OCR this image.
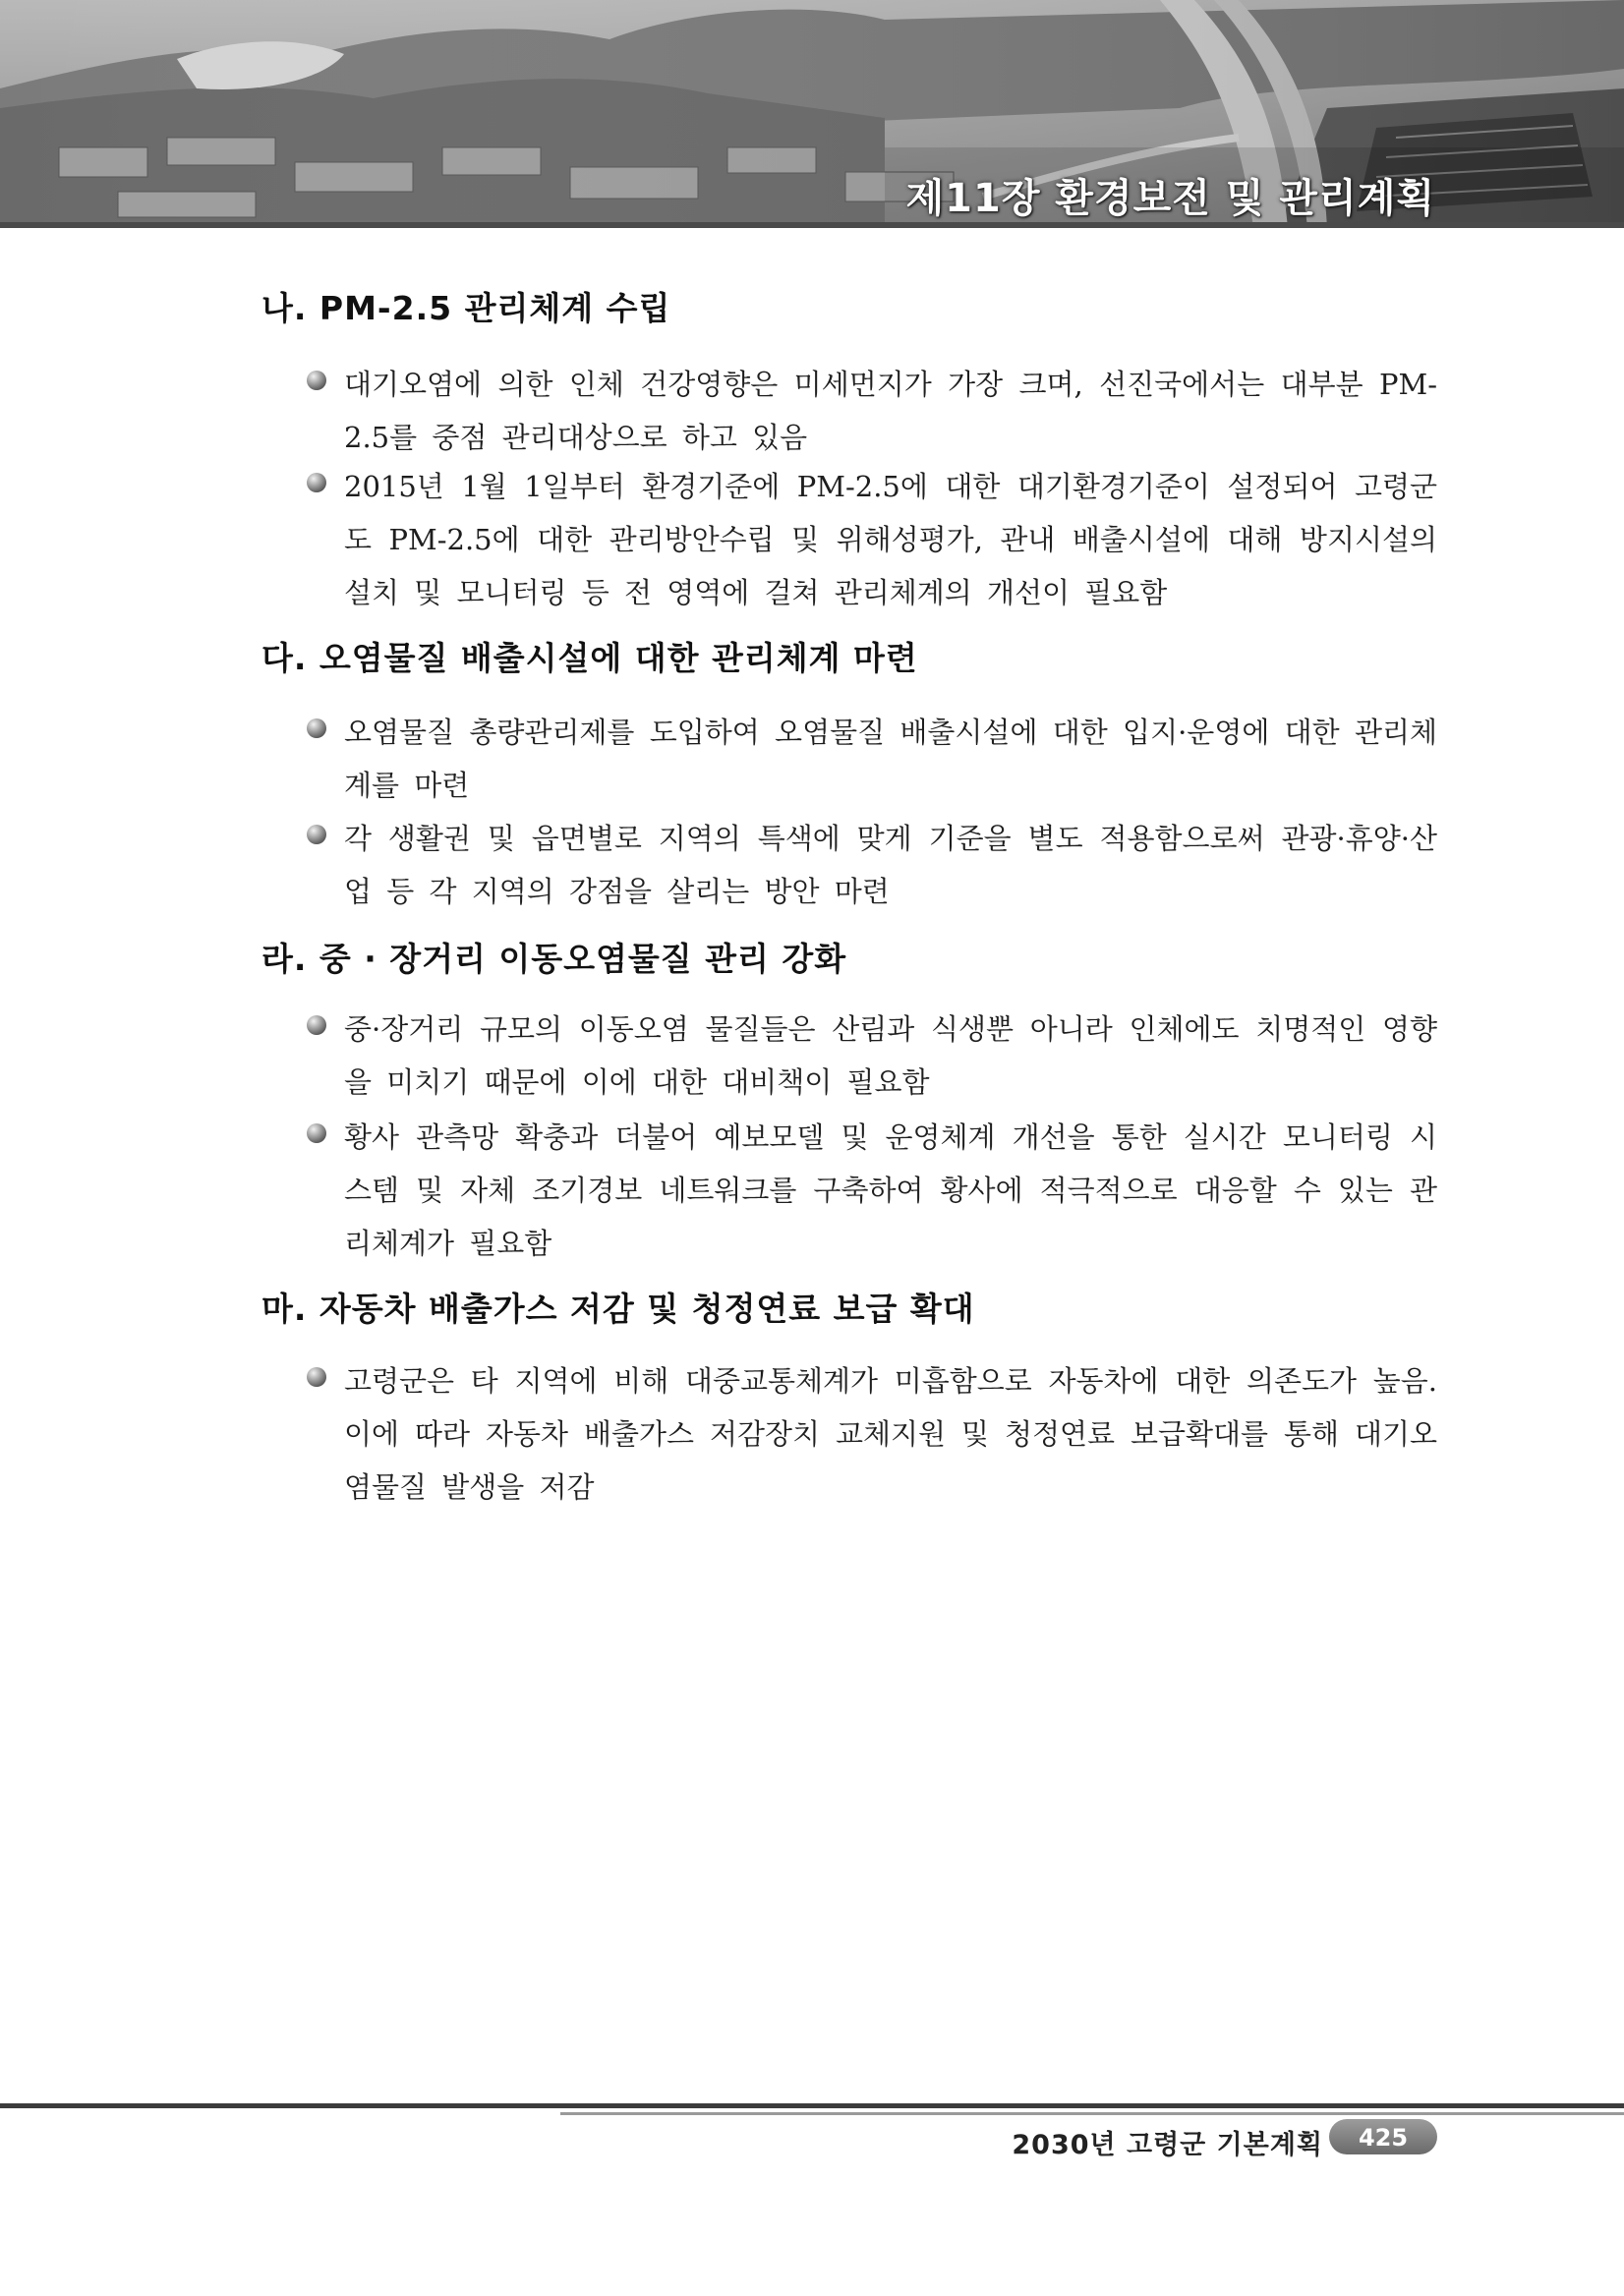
제11장 환경보전 및 관리계획
나. PM-2.5 관리체계 수립
대기오염에 의한 인체 건강영향은 미세먼지가 가장 크며, 선진국에서는 대부분 PM-2.5를 중점 관리대상으로 하고 있음
2015년 1월 1일부터 환경기준에 PM-2.5에 대한 대기환경기준이 설정되어 고령군도 PM-2.5에 대한 관리방안수립 및 위해성평가, 관내 배출시설에 대해 방지시설의 설치 및 모니터링 등 전 영역에 걸쳐 관리체계의 개선이 필요함
다. 오염물질 배출시설에 대한 관리체계 마련
오염물질 총량관리제를 도입하여 오염물질 배출시설에 대한 입지·운영에 대한 관리체계를 마련
각 생활권 및 읍면별로 지역의 특색에 맞게 기준을 별도 적용함으로써 관광·휴양·산업 등 각 지역의 강점을 살리는 방안 마련
라. 중 · 장거리 이동오염물질 관리 강화
중·장거리 규모의 이동오염 물질들은 산림과 식생뿐 아니라 인체에도 치명적인 영향을 미치기 때문에 이에 대한 대비책이 필요함
황사 관측망 확충과 더불어 예보모델 및 운영체계 개선을 통한 실시간 모니터링 시스템 및 자체 조기경보 네트워크를 구축하여 황사에 적극적으로 대응할 수 있는 관리체계가 필요함
마. 자동차 배출가스 저감 및 청정연료 보급 확대
고령군은 타 지역에 비해 대중교통체계가 미흡함으로 자동차에 대한 의존도가 높음. 이에 따라 자동차 배출가스 저감장치 교체지원 및 청정연료 보급확대를 통해 대기오염물질 발생을 저감
2030년 고령군 기본계획	425
